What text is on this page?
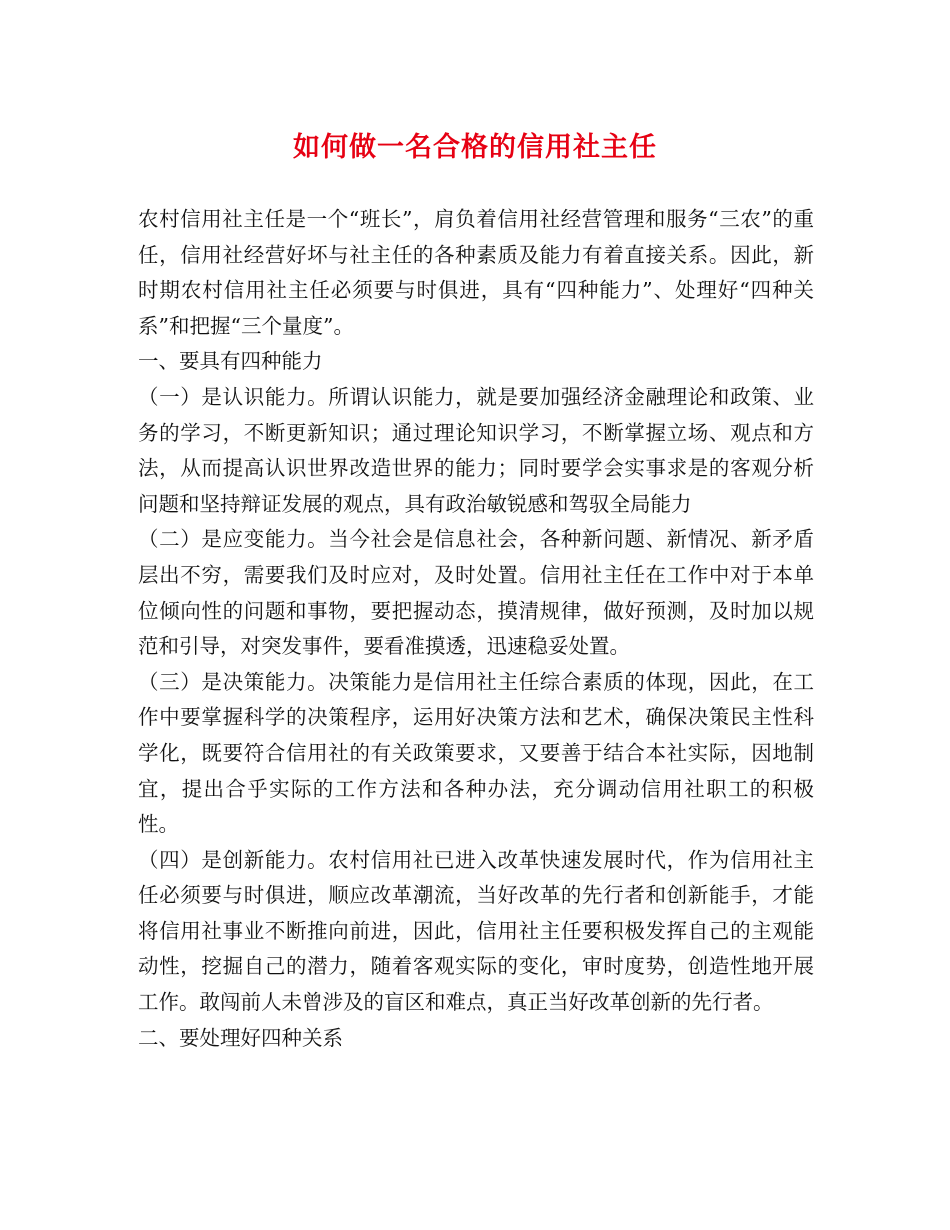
如何做一名合格的信用社主任

农村信用社主任是一个“班长”，肩负着信用社经营管理和服务“三农”的重任，信用社经营好坏与社主任的各种素质及能力有着直接关系。因此，新时期农村信用社主任必须要与时俱进，具有“四种能力”、处理好“四种关系”和把握“三个量度”。

一、要具有四种能力

（一）是认识能力。所谓认识能力，就是要加强经济金融理论和政策、业务的学习，不断更新知识；通过理论知识学习，不断掌握立场、观点和方法，从而提高认识世界改造世界的能力；同时要学会实事求是的客观分析问题和坚持辩证发展的观点，具有政治敏锐感和驾驭全局能力

（二）是应变能力。当今社会是信息社会，各种新问题、新情况、新矛盾层出不穷，需要我们及时应对，及时处置。信用社主任在工作中对于本单位倾向性的问题和事物，要把握动态，摸清规律，做好预测，及时加以规范和引导，对突发事件，要看准摸透，迅速稳妥处置。

（三）是决策能力。决策能力是信用社主任综合素质的体现，因此，在工作中要掌握科学的决策程序，运用好决策方法和艺术，确保决策民主性科学化，既要符合信用社的有关政策要求，又要善于结合本社实际，因地制宜，提出合乎实际的工作方法和各种办法，充分调动信用社职工的积极性。

（四）是创新能力。农村信用社已进入改革快速发展时代，作为信用社主任必须要与时俱进，顺应改革潮流，当好改革的先行者和创新能手，才能将信用社事业不断推向前进，因此，信用社主任要积极发挥自己的主观能动性，挖掘自己的潜力，随着客观实际的变化，审时度势，创造性地开展工作。敢闯前人未曾涉及的盲区和难点，真正当好改革创新的先行者。

二、要处理好四种关系
